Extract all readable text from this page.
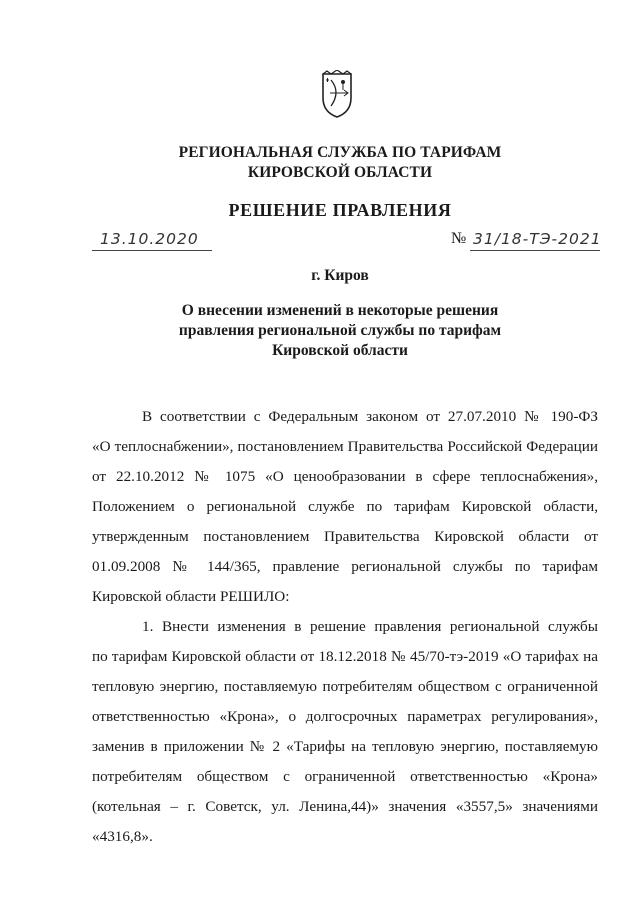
РЕГИОНАЛЬНАЯ СЛУЖБА ПО ТАРИФАМ
КИРОВСКОЙ ОБЛАСТИ
РЕШЕНИЕ ПРАВЛЕНИЯ
13.10.2020	№ 31/18-ТЭ-2021
г. Киров
О внесении изменений в некоторые решения
правления региональной службы по тарифам
Кировской области
В соответствии с Федеральным законом от 27.07.2010 № 190-ФЗ
«О теплоснабжении», постановлением Правительства Российской Федерации
от 22.10.2012 № 1075 «О ценообразовании в сфере теплоснабжения»,
Положением о региональной службе по тарифам Кировской области,
утвержденным постановлением Правительства Кировской области от
01.09.2008 № 144/365, правление региональной службы по тарифам
Кировской области РЕШИЛО:
1. Внести изменения в решение правления региональной службы
по тарифам Кировской области от 18.12.2018 № 45/70-тэ-2019 «О тарифах на
тепловую энергию, поставляемую потребителям обществом с ограниченной
ответственностью «Крона», о долгосрочных параметрах регулирования»,
заменив в приложении № 2 «Тарифы на тепловую энергию, поставляемую
потребителям обществом с ограниченной ответственностью «Крона»
(котельная – г. Советск, ул. Ленина,44)» значения «3557,5» значениями
«4316,8».
